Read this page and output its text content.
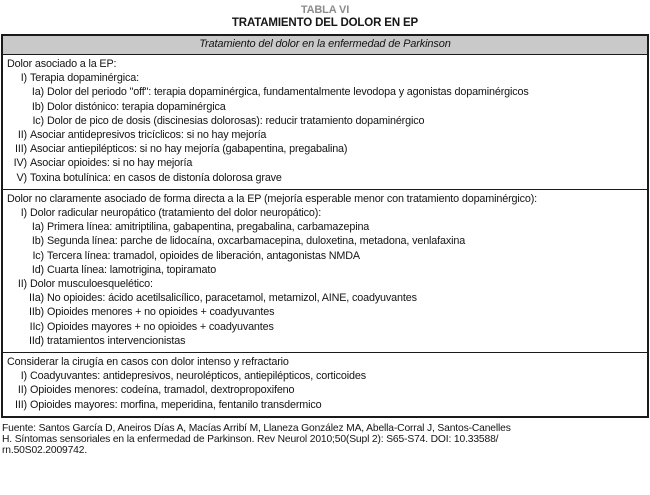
TABLA VI
TRATAMIENTO DEL DOLOR EN EP
Tratamiento del dolor en la enfermedad de Parkinson
Dolor asociado a la EP:
I) Terapia dopaminérgica:
Ia) Dolor del periodo "off": terapia dopaminérgica, fundamentalmente levodopa y agonistas dopaminérgicos
Ib) Dolor distónico: terapia dopaminérgica
Ic) Dolor de pico de dosis (discinesias dolorosas): reducir tratamiento dopaminérgico
II) Asociar antidepresivos tricíclicos: si no hay mejoría
III) Asociar antiepilépticos: si no hay mejoría (gabapentina, pregabalina)
IV) Asociar opioides: si no hay mejoría
V) Toxina botulínica: en casos de distonía dolorosa grave
Dolor no claramente asociado de forma directa a la EP (mejoría esperable menor con tratamiento dopaminérgico):
I) Dolor radicular neuropático (tratamiento del dolor neuropático):
Ia) Primera línea: amitriptilina, gabapentina, pregabalina, carbamazepina
Ib) Segunda línea: parche de lidocaína, oxcarbamacepina, duloxetina, metadona, venlafaxina
Ic) Tercera línea: tramadol, opioides de liberación, antagonistas NMDA
Id) Cuarta línea: lamotrigina, topiramato
II) Dolor musculoesquelético:
IIa) No opioides: ácido acetilsalicílico, paracetamol, metamizol, AINE, coadyuvantes
IIb) Opioides menores + no opioides + coadyuvantes
IIc) Opioides mayores + no opioides + coadyuvantes
IId) tratamientos intervencionistas
Considerar la cirugía en casos con dolor intenso y refractario
I) Coadyuvantes: antidepresivos, neurolépticos, antiepilépticos, corticoides
II) Opioides menores: codeína, tramadol, dextropropoxifeno
III) Opioides mayores: morfina, meperidina, fentanilo transdermico
Fuente: Santos García D, Aneiros Días A, Macías Arribí M, Llaneza González MA, Abella-Corral J, Santos-Canelles
H. Síntomas sensoriales en la enfermedad de Parkinson. Rev Neurol 2010;50(Supl 2): S65-S74. DOI: 10.33588/
rn.50S02.2009742.
